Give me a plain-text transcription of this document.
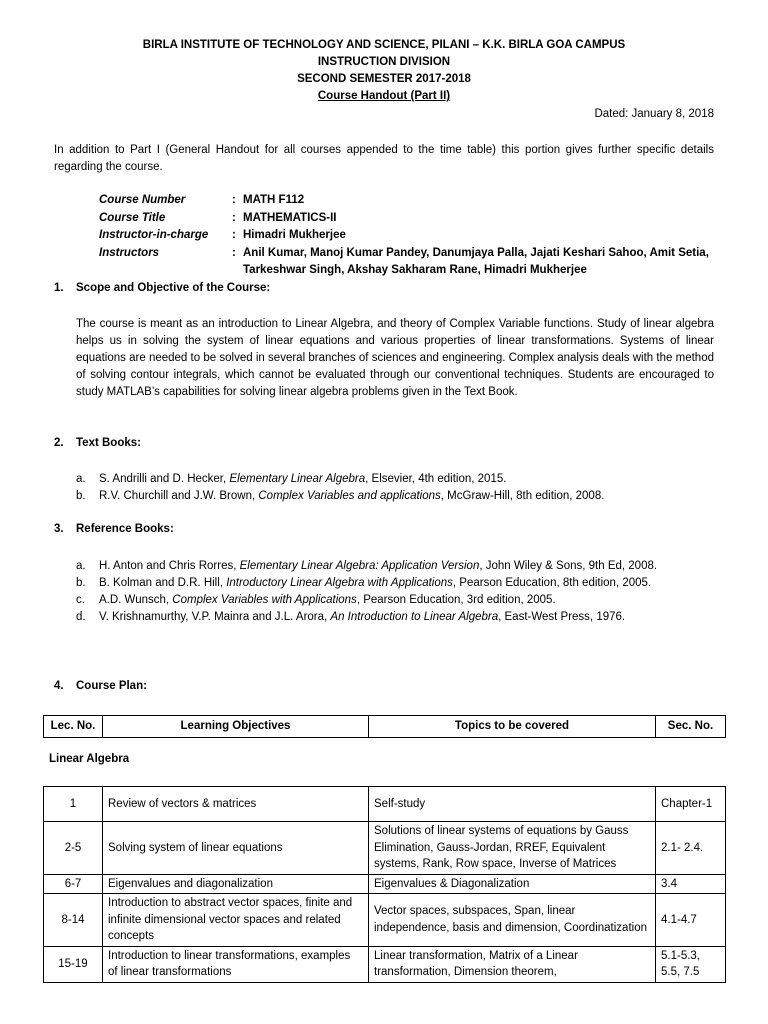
BIRLA INSTITUTE OF TECHNOLOGY AND SCIENCE, PILANI – K.K. BIRLA GOA CAMPUS
INSTRUCTION DIVISION
SECOND SEMESTER 2017-2018
Course Handout (Part II)
Dated: January 8, 2018
In addition to Part I (General Handout for all courses appended to the time table) this portion gives further specific details regarding the course.
Course Number	: MATH F112
Course Title	: MATHEMATICS-II
Instructor-in-charge	: Himadri Mukherjee
Instructors	: Anil Kumar, Manoj Kumar Pandey, Danumjaya Palla, Jajati Keshari Sahoo, Amit Setia, Tarkeshwar Singh, Akshay Sakharam Rane, Himadri Mukherjee
1. Scope and Objective of the Course:
The course is meant as an introduction to Linear Algebra, and theory of Complex Variable functions. Study of linear algebra helps us in solving the system of linear equations and various properties of linear transformations. Systems of linear equations are needed to be solved in several branches of sciences and engineering. Complex analysis deals with the method of solving contour integrals, which cannot be evaluated through our conventional techniques. Students are encouraged to study MATLAB’s capabilities for solving linear algebra problems given in the Text Book.
2. Text Books:
a.	S. Andrilli and D. Hecker, Elementary Linear Algebra, Elsevier, 4th edition, 2015.
b.	R.V. Churchill and J.W. Brown, Complex Variables and applications, McGraw-Hill, 8th edition, 2008.
3. Reference Books:
a.	H. Anton and Chris Rorres, Elementary Linear Algebra: Application Version, John Wiley & Sons, 9th Ed, 2008.
b.	B. Kolman and D.R. Hill, Introductory Linear Algebra with Applications, Pearson Education, 8th edition, 2005.
c.	A.D. Wunsch, Complex Variables with Applications, Pearson Education, 3rd edition, 2005.
d.	V. Krishnamurthy, V.P. Mainra and J.L. Arora, An Introduction to Linear Algebra, East-West Press, 1976.
4. Course Plan:
Lec. No.	Learning Objectives	Topics to be covered	Sec. No.
Linear Algebra
1	Review of vectors & matrices	Self-study	Chapter-1
2-5	Solving system of linear equations	Solutions of linear systems of equations by Gauss Elimination, Gauss-Jordan, RREF, Equivalent systems, Rank, Row space, Inverse of Matrices	2.1- 2.4.
6-7	Eigenvalues and diagonalization	Eigenvalues & Diagonalization	3.4
8-14	Introduction to abstract vector spaces, finite and infinite dimensional vector spaces and related concepts	Vector spaces, subspaces, Span, linear independence, basis and dimension, Coordinatization	4.1-4.7
15-19	Introduction to linear transformations, examples of linear transformations	Linear transformation, Matrix of a Linear transformation, Dimension theorem,	5.1-5.3, 5.5, 7.5
